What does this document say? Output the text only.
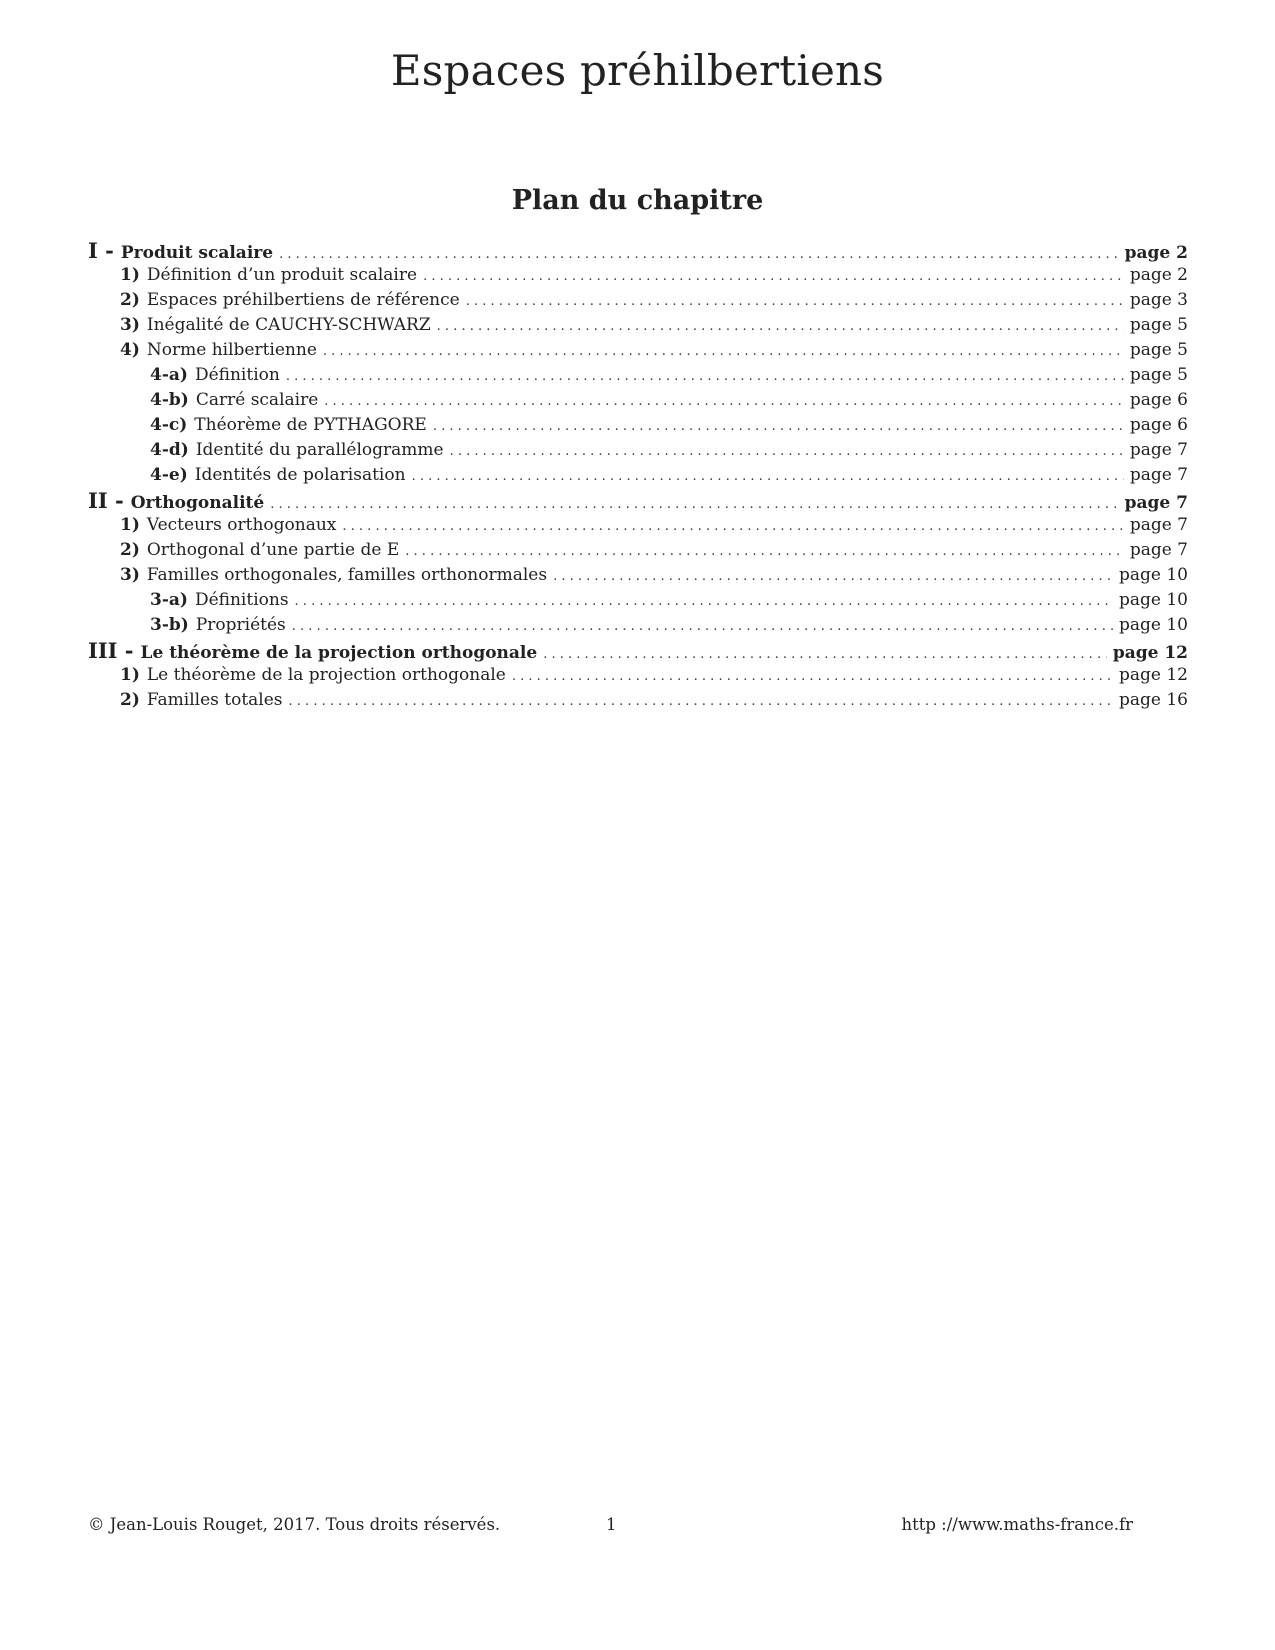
Espaces préhilbertiens
Plan du chapitre
I - Produit scalaire . . .	page 2
1) Définition d’un produit scalaire . . .	page 2
2) Espaces préhilbertiens de référence . . .	page 3
3) Inégalité de CAUCHY-SCHWARZ . . .	page 5
4) Norme hilbertienne . . .	page 5
4-a) Définition . . .	page 5
4-b) Carré scalaire . . .	page 6
4-c) Théorème de PYTHAGORE . . .	page 6
4-d) Identité du parallélogramme . . .	page 7
4-e) Identités de polarisation . . .	page 7
II - Orthogonalité . . .	page 7
1) Vecteurs orthogonaux . . .	page 7
2) Orthogonal d’une partie de E . . .	page 7
3) Familles orthogonales, familles orthonormales . . .	page 10
3-a) Définitions . . .	page 10
3-b) Propriétés . . .	page 10
III - Le théorème de la projection orthogonale . . .	page 12
1) Le théorème de la projection orthogonale . . .	page 12
2) Familles totales . . .	page 16
© Jean-Louis Rouget, 2017. Tous droits réservés.	1	http ://www.maths-france.fr
